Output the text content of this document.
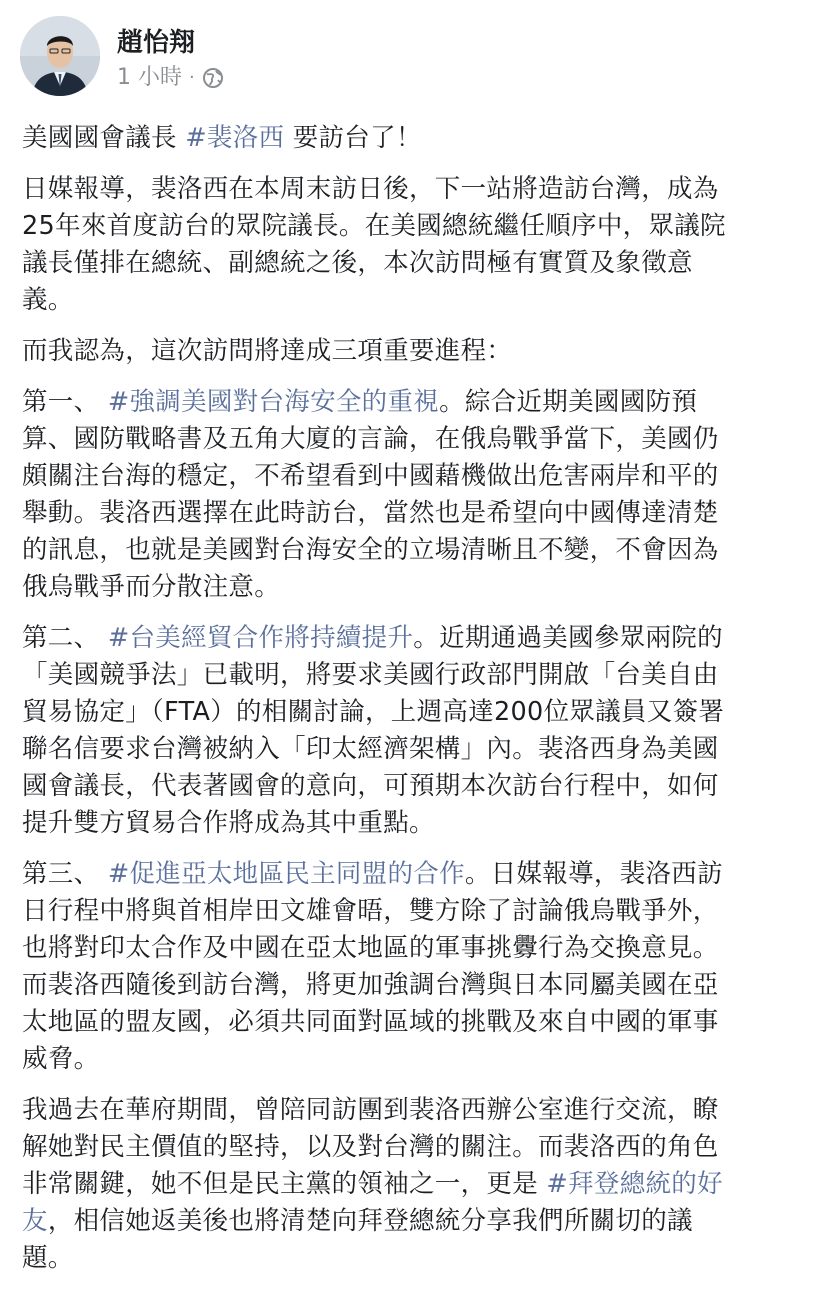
趙怡翔
1 小時 ·
美國國會議長 #裴洛西 要訪台了！
日媒報導，裴洛西在本周末訪日後，下一站將造訪台灣，成為
25年來首度訪台的眾院議長。在美國總統繼任順序中，眾議院
議長僅排在總統、副總統之後，本次訪問極有實質及象徵意
義。
而我認為，這次訪問將達成三項重要進程：
第一、 #強調美國對台海安全的重視。綜合近期美國國防預
算、國防戰略書及五角大廈的言論，在俄烏戰爭當下，美國仍
頗關注台海的穩定，不希望看到中國藉機做出危害兩岸和平的
舉動。裴洛西選擇在此時訪台，當然也是希望向中國傳達清楚
的訊息，也就是美國對台海安全的立場清晰且不變，不會因為
俄烏戰爭而分散注意。
第二、 #台美經貿合作將持續提升。近期通過美國參眾兩院的
「美國競爭法」已載明，將要求美國行政部門開啟「台美自由
貿易協定」（FTA）的相關討論，上週高達200位眾議員又簽署
聯名信要求台灣被納入「印太經濟架構」內。裴洛西身為美國
國會議長，代表著國會的意向，可預期本次訪台行程中，如何
提升雙方貿易合作將成為其中重點。
第三、 #促進亞太地區民主同盟的合作。日媒報導，裴洛西訪
日行程中將與首相岸田文雄會晤，雙方除了討論俄烏戰爭外，
也將對印太合作及中國在亞太地區的軍事挑釁行為交換意見。
而裴洛西隨後到訪台灣，將更加強調台灣與日本同屬美國在亞
太地區的盟友國，必須共同面對區域的挑戰及來自中國的軍事
威脅。
我過去在華府期間，曾陪同訪團到裴洛西辦公室進行交流，瞭
解她對民主價值的堅持，以及對台灣的關注。而裴洛西的角色
非常關鍵，她不但是民主黨的領袖之一，更是 #拜登總統的好
友，相信她返美後也將清楚向拜登總統分享我們所關切的議
題。
